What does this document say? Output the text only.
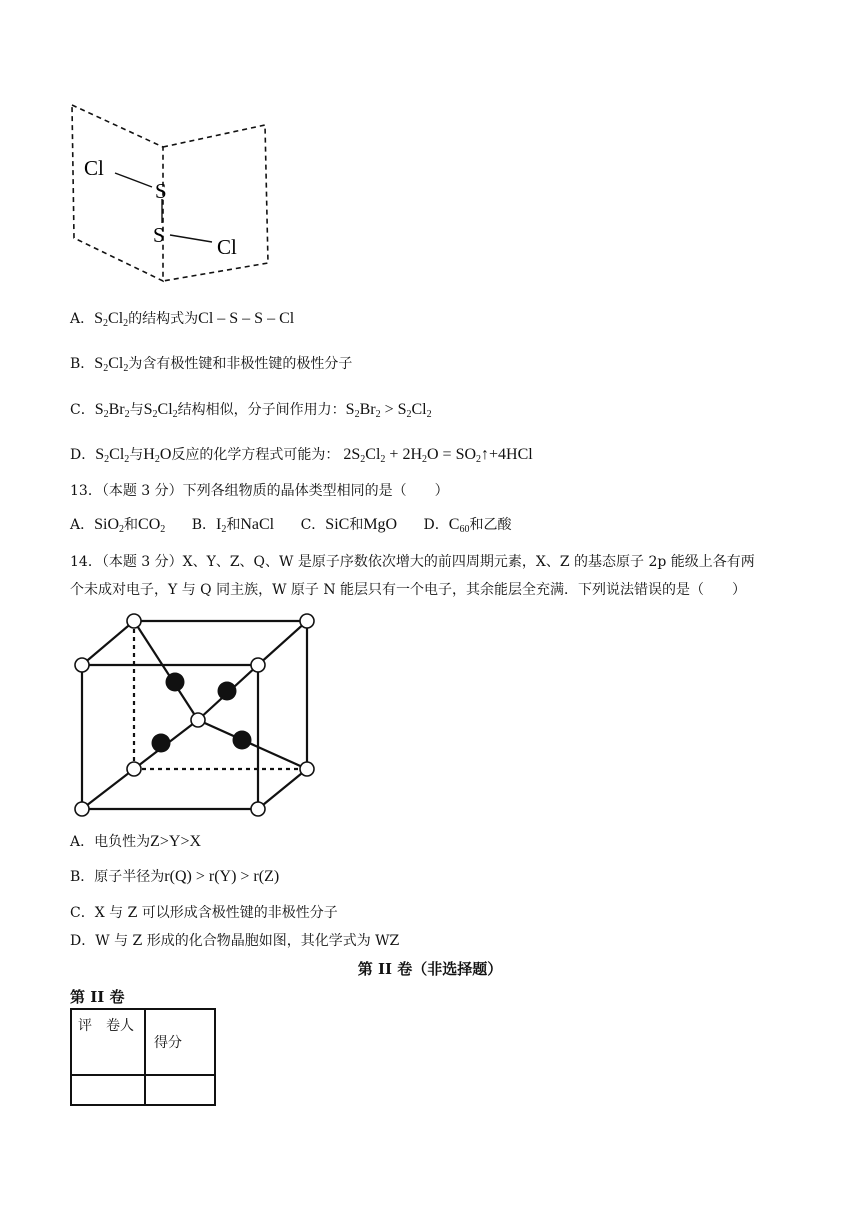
Cl
S
S Cl
A．$S_2Cl_2$的结构式为Cl – S – S – Cl
B．$S_2Cl_2$为含有极性键和非极性键的极性分子
C．$S_2Br_2$与$S_2Cl_2$结构相似，分子间作用力：$S_2Br_2 > S_2Cl_2$
D．$S_2Cl_2$与$H_2O$反应的化学方程式可能为： $2S_2Cl_2 + 2H_2O$ = $SO_2↑+4HCl$
13．（本题 3 分）下列各组物质的晶体类型相同的是（　　）
A．SiO$_2$和$CO_2$ B．$I_2$和NaCl C．SiC和MgO D．$C_{60}$和乙酸
14．（本题 3 分）X、Y、Z、Q、W 是原子序数依次增大的前四周期元素，X、Z 的基态原子 2p 能级上各有两
个未成对电子，Y 与 Q 同主族，W 原子 N 能层只有一个电子，其余能层全充满．下列说法错误的是（　　）
A．电负性为Z>Y>X
B．原子半径为r(Q) > r(Y) > r(Z)
C．X 与 Z 可以形成含极性键的非极性分子
D．W 与 Z 形成的化合物晶胞如图，其化学式为 WZ
第 II 卷（非选择题）
第 II 卷
评　卷人	得分
